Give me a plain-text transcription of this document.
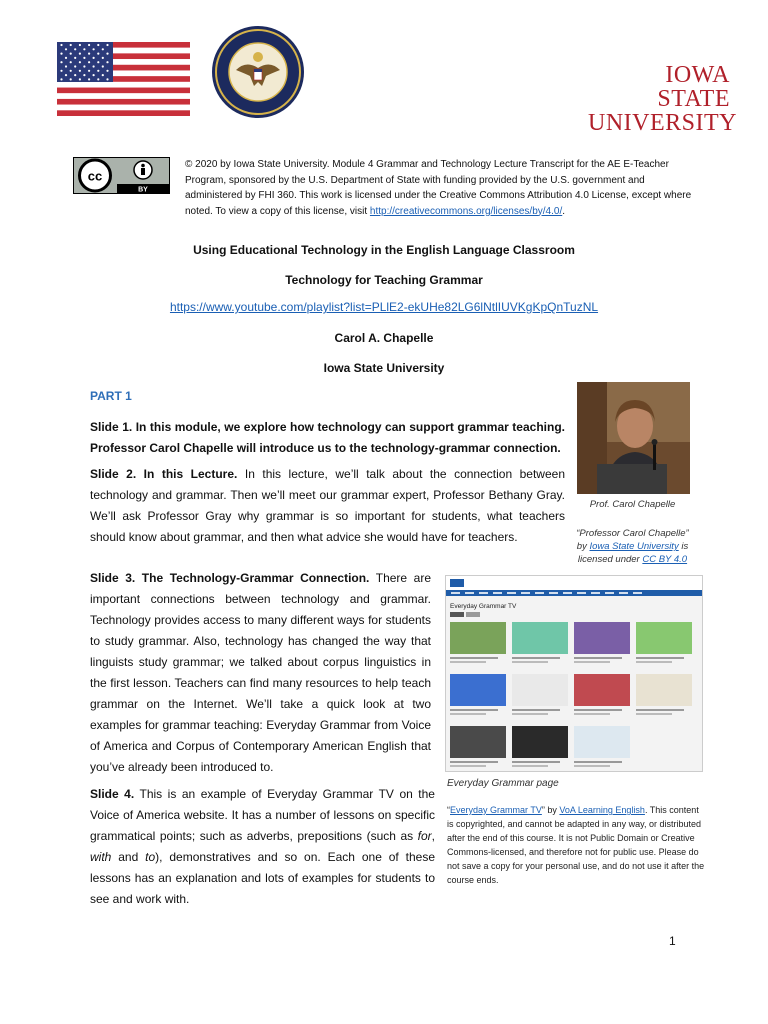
IOWA STATE
UNIVERSITY
cc
BY
© 2020 by Iowa State University. Module 4 Grammar and Technology Lecture Transcript for the AE E-Teacher Program, sponsored by the U.S. Department of State with funding provided by the U.S. government and administered by FHI 360. This work is licensed under the Creative Commons Attribution 4.0 License, except where noted. To view a copy of this license, visit http://creativecommons.org/licenses/by/4.0/.
Using Educational Technology in the English Language Classroom
Technology for Teaching Grammar
https://www.youtube.com/playlist?list=PLlE2-ekUHe82LG6lNtlIUVKgKpQnTuzNL
Carol A. Chapelle
Iowa State University
PART 1
Slide 1. In this module, we explore how technology can support grammar teaching. Professor Carol Chapelle will introduce us to the technology-grammar connection.
Slide 2. In this Lecture. In this lecture, we’ll talk about the connection between technology and grammar. Then we’ll meet our grammar expert, Professor Bethany Gray. We’ll ask Professor Gray why grammar is so important for students, what teachers should know about grammar, and then what advice she would have for teachers.
Slide 3. The Technology-Grammar Connection. There are important connections between technology and grammar. Technology provides access to many different ways for students to study grammar. Also, technology has changed the way that linguists study grammar; we talked about corpus linguistics in the first lesson. Teachers can find many resources to help teach grammar on the Internet. We’ll take a quick look at two examples for grammar teaching: Everyday Grammar from Voice of America and Corpus of Contemporary American English that you’ve already been introduced to.
Slide 4. This is an example of Everyday Grammar TV on the Voice of America website. It has a number of lessons on specific grammatical points; such as adverbs, prepositions (such as for, with and to), demonstratives and so on. Each one of these lessons has an explanation and lots of examples for students to see and work with.
Prof. Carol Chapelle
“Professor Carol Chapelle” by Iowa State University is licensed under CC BY 4.0
Everyday Grammar TV
Everyday Grammar page
“Everyday Grammar TV” by VoA Learning English. This content is copyrighted, and cannot be adapted in any way, or distributed after the end of this course. It is not Public Domain or Creative Commons-licensed, and therefore not for public use. Please do not save a copy for your personal use, and do not use it after the course ends.
1
